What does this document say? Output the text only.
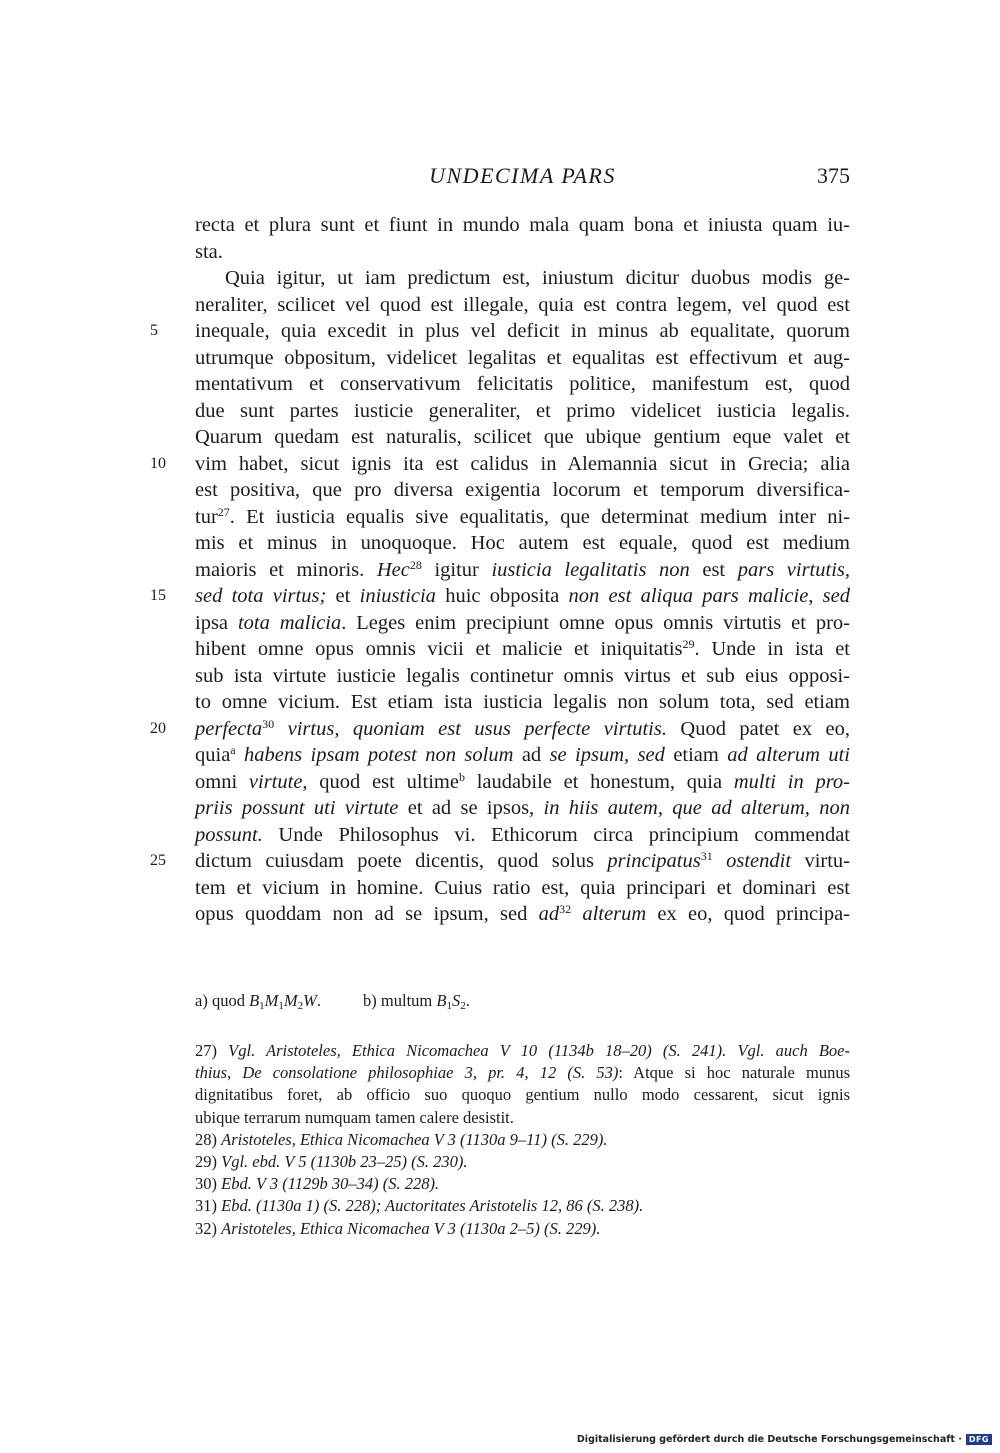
UNDECIMA PARS	375
recta et plura sunt et fiunt in mundo mala quam bona et iniusta quam iu-
sta.
Quia igitur, ut iam predictum est, iniustum dicitur duobus modis ge-
neraliter, scilicet vel quod est illegale, quia est contra legem, vel quod est
5	inequale, quia excedit in plus vel deficit in minus ab equalitate, quorum
utrumque obpositum, videlicet legalitas et equalitas est effectivum et aug-
mentativum et conservativum felicitatis politice, manifestum est, quod
due sunt partes iusticie generaliter, et primo videlicet iusticia legalis.
Quarum quedam est naturalis, scilicet que ubique gentium eque valet et
10	vim habet, sicut ignis ita est calidus in Alemannia sicut in Grecia; alia
est positiva, que pro diversa exigentia locorum et temporum diversifica-
tur$^{27}$. Et iusticia equalis sive equalitatis, que determinat medium inter ni-
mis et minus in unoquoque. Hoc autem est equale, quod est medium
maioris et minoris. Hec$^{28}$ igitur iusticia legalitatis non est pars virtutis,
15	sed tota virtus; et iniusticia huic obposita non est aliqua pars malicie, sed
ipsa tota malicia. Leges enim precipiunt omne opus omnis virtutis et pro-
hibent omne opus omnis vicii et malicie et iniquitatis$^{29}$. Unde in ista et
sub ista virtute iusticie legalis continetur omnis virtus et sub eius opposi-
to omne vicium. Est etiam ista iusticia legalis non solum tota, sed etiam
20	perfecta$^{30}$ virtus, quoniam est usus perfecte virtutis. Quod patet ex eo,
quia$^a$ habens ipsam potest non solum ad se ipsum, sed etiam ad alterum uti
omni virtute, quod est ultime$^b$ laudabile et honestum, quia multi in pro-
priis possunt uti virtute et ad se ipsos, in hiis autem, que ad alterum, non
possunt. Unde Philosophus vi. Ethicorum circa principium commendat
25	dictum cuiusdam poete dicentis, quod solus principatus$^{31}$ ostendit virtu-
tem et vicium in homine. Cuius ratio est, quia principari et dominari est
opus quoddam non ad se ipsum, sed $ad^{32}$ alterum ex eo, quod principa-
a) quod $B_1M_1M_2W$.	b) multum $B_1S_2$.
27) Vgl. Aristoteles, Ethica Nicomachea V 10 (1134b 18–20) (S. 241). Vgl. auch Boe-
thius, De consolatione philosophiae 3, pr. 4, 12 (S. 53): Atque si hoc naturale munus
dignitatibus foret, ab officio suo quoquo gentium nullo modo cessarent, sicut ignis
ubique terrarum numquam tamen calere desistit.
28) Aristoteles, Ethica Nicomachea V 3 (1130a 9–11) (S. 229).
29) Vgl. ebd. V 5 (1130b 23–25) (S. 230).
30) Ebd. V 3 (1129b 30–34) (S. 228).
31) Ebd. (1130a 1) (S. 228); Auctoritates Aristotelis 12, 86 (S. 238).
32) Aristoteles, Ethica Nicomachea V 3 (1130a 2–5) (S. 229).
Digitalisierung gefördert durch die Deutsche Forschungsgemeinschaft · DFG
